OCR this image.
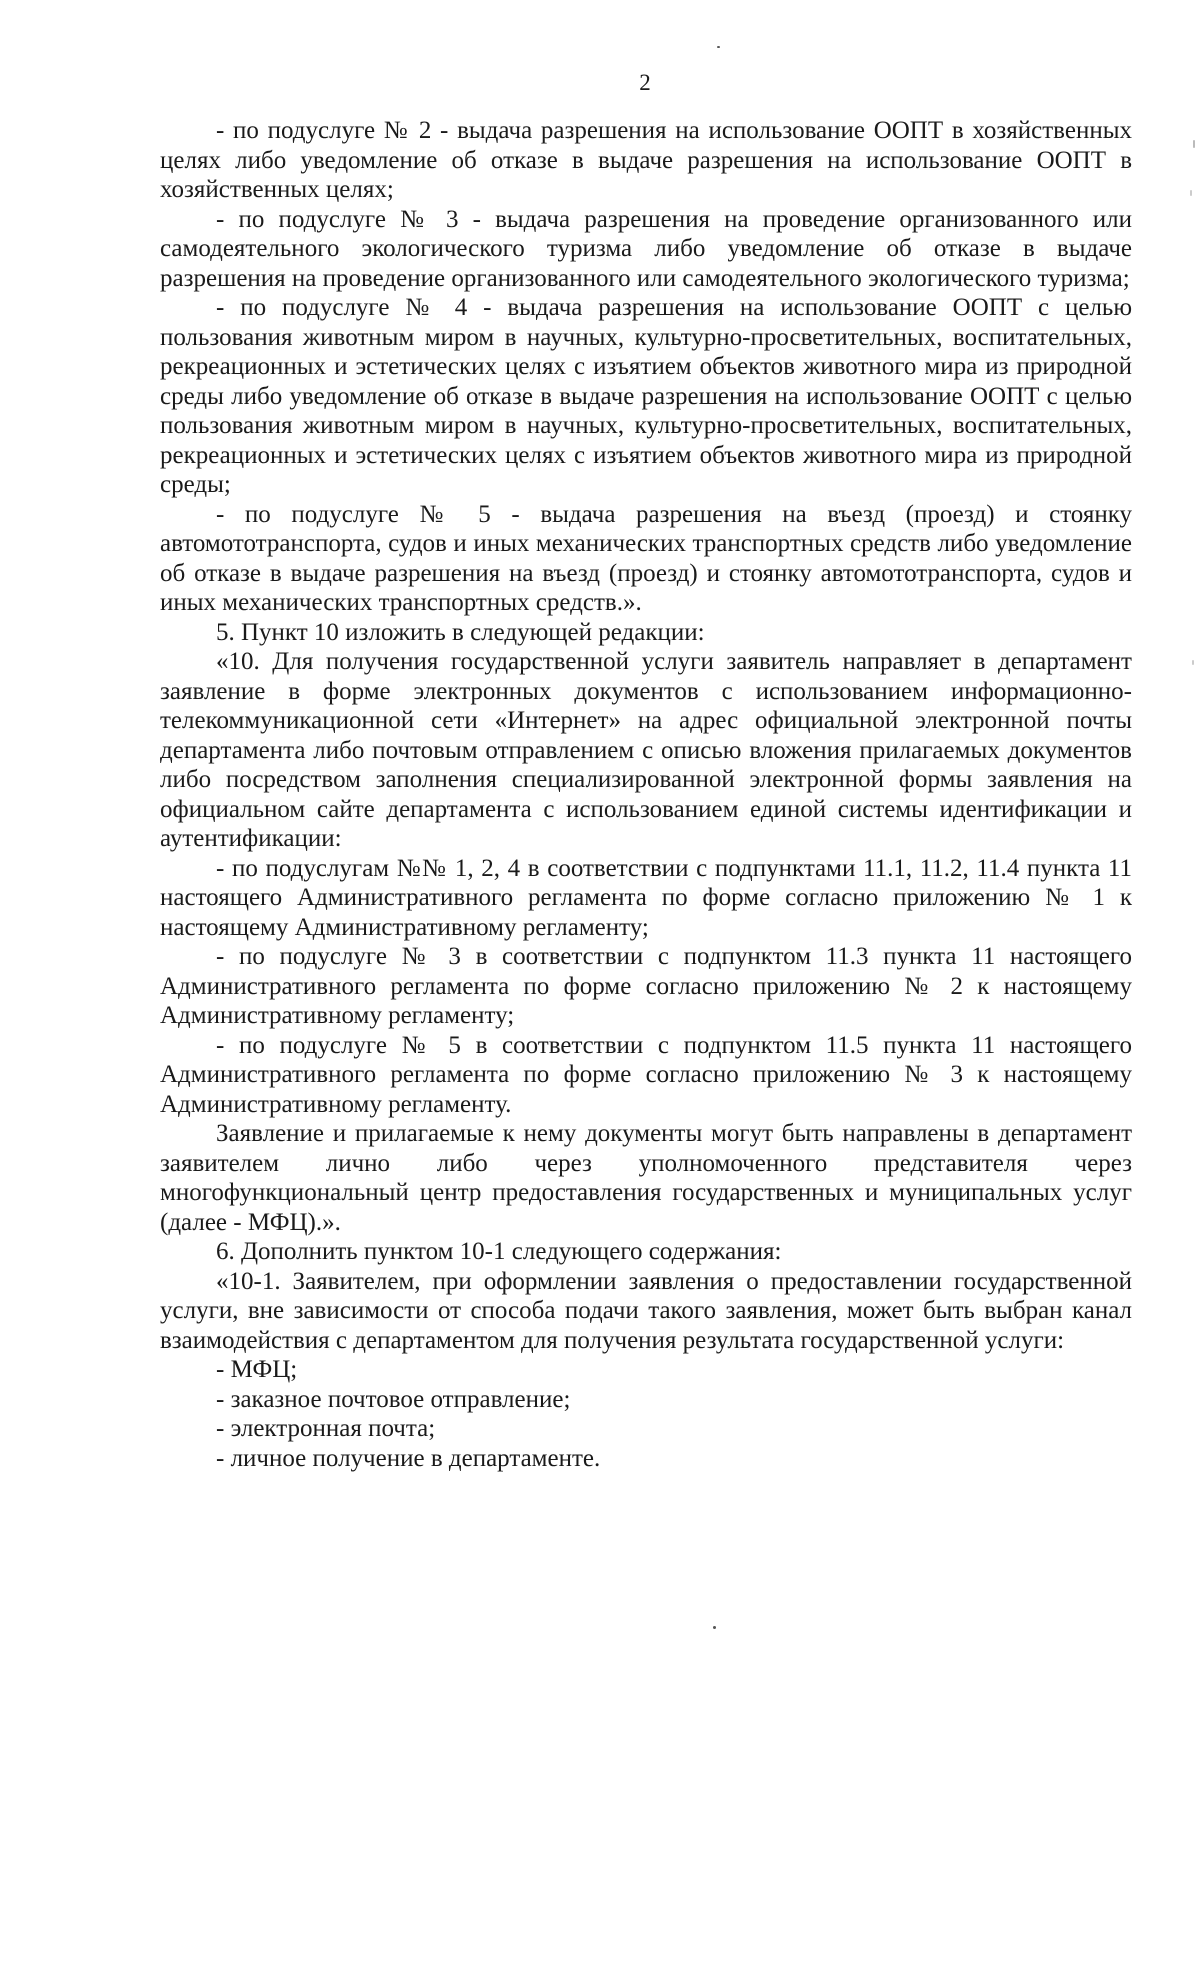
2

- по подуслуге № 2 - выдача разрешения на использование ООПТ в хозяйственных целях либо уведомление об отказе в выдаче разрешения на использование ООПТ в хозяйственных целях;

- по подуслуге № 3 - выдача разрешения на проведение организованного или самодеятельного экологического туризма либо уведомление об отказе в выдаче разрешения на проведение организованного или самодеятельного экологического туризма;

- по подуслуге № 4 - выдача разрешения на использование ООПТ с целью пользования животным миром в научных, культурно-просветительных, воспитательных, рекреационных и эстетических целях с изъятием объектов животного мира из природной среды либо уведомление об отказе в выдаче разрешения на использование ООПТ с целью пользования животным миром в научных, культурно-просветительных, воспитательных, рекреационных и эстетических целях с изъятием объектов животного мира из природной среды;

- по подуслуге № 5 - выдача разрешения на въезд (проезд) и стоянку автомототранспорта, судов и иных механических транспортных средств либо уведомление об отказе в выдаче разрешения на въезд (проезд) и стоянку автомототранспорта, судов и иных механических транспортных средств.».

5. Пункт 10 изложить в следующей редакции:

«10. Для получения государственной услуги заявитель направляет в департамент заявление в форме электронных документов с использованием информационно-телекоммуникационной сети «Интернет» на адрес официальной электронной почты департамента либо почтовым отправлением с описью вложения прилагаемых документов либо посредством заполнения специализированной электронной формы заявления на официальном сайте департамента с использованием единой системы идентификации и аутентификации:

- по подуслугам №№ 1, 2, 4 в соответствии с подпунктами 11.1, 11.2, 11.4 пункта 11 настоящего Административного регламента по форме согласно приложению № 1 к настоящему Административному регламенту;

- по подуслуге № 3 в соответствии с подпунктом 11.3 пункта 11 настоящего Административного регламента по форме согласно приложению № 2 к настоящему Административному регламенту;

- по подуслуге № 5 в соответствии с подпунктом 11.5 пункта 11 настоящего Административного регламента по форме согласно приложению № 3 к настоящему Административному регламенту.

Заявление и прилагаемые к нему документы могут быть направлены в департамент заявителем лично либо через уполномоченного представителя через многофункциональный центр предоставления государственных и муниципальных услуг (далее - МФЦ).».

6. Дополнить пунктом 10-1 следующего содержания:

«10-1. Заявителем, при оформлении заявления о предоставлении государственной услуги, вне зависимости от способа подачи такого заявления, может быть выбран канал взаимодействия с департаментом для получения результата государственной услуги:

- МФЦ;

- заказное почтовое отправление;

- электронная почта;

- личное получение в департаменте.
